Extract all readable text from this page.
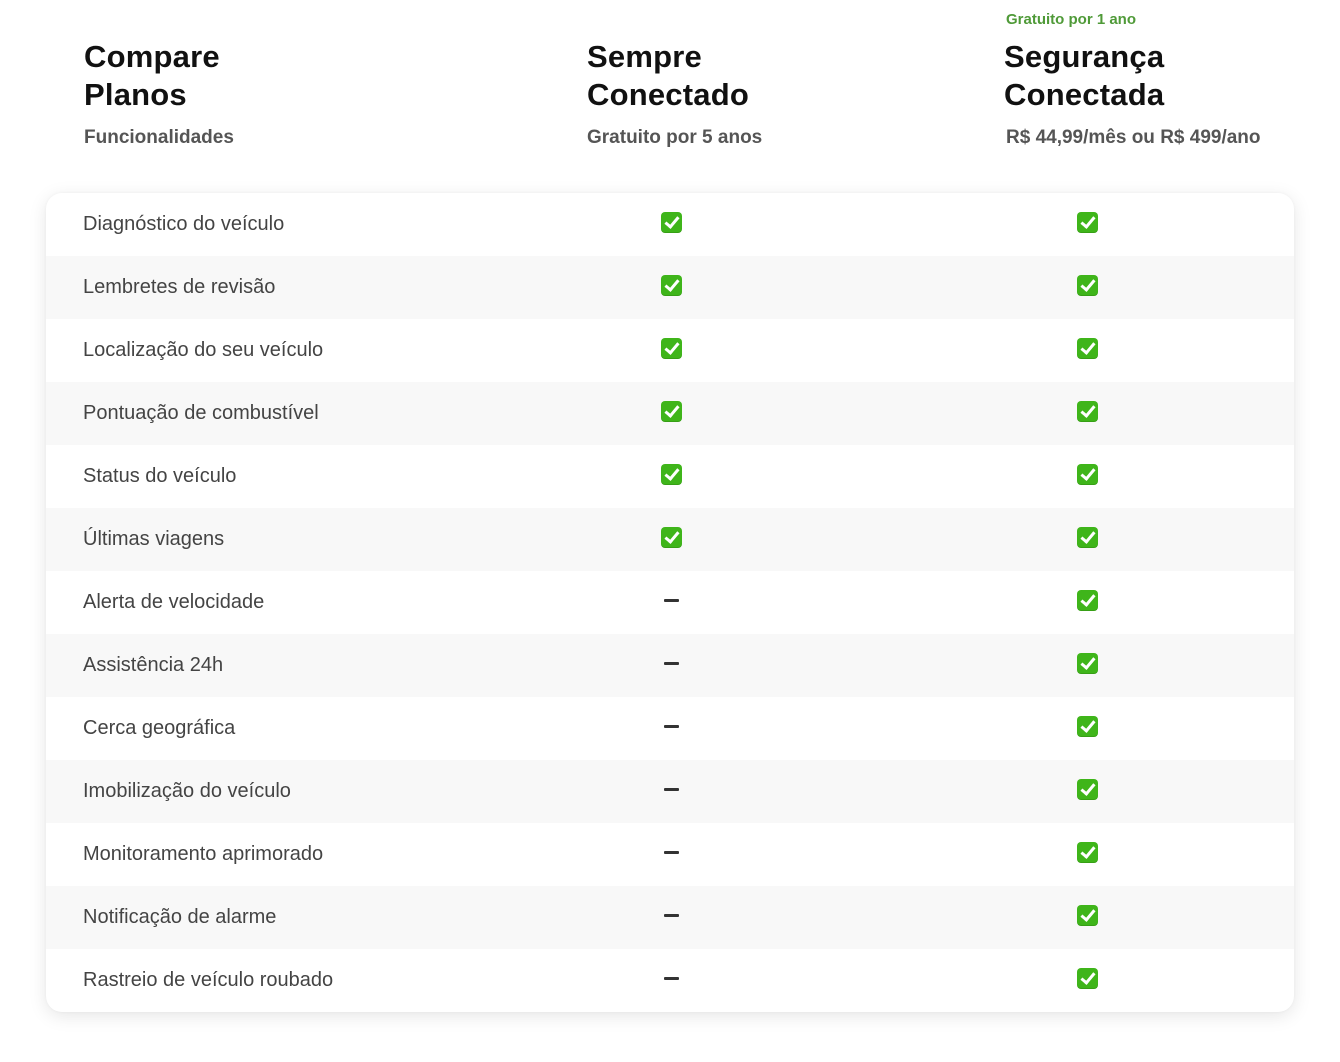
Gratuito por 1 ano
Compare
Planos
Funcionalidades
Sempre
Conectado
Gratuito por 5 anos
Segurança
Conectada
R$ 44,99/mês ou R$ 499/ano
Diagnóstico do veículo
Lembretes de revisão
Localização do seu veículo
Pontuação de combustível
Status do veículo
Últimas viagens
Alerta de velocidade
Assistência 24h
Cerca geográfica
Imobilização do veículo
Monitoramento aprimorado
Notificação de alarme
Rastreio de veículo roubado
